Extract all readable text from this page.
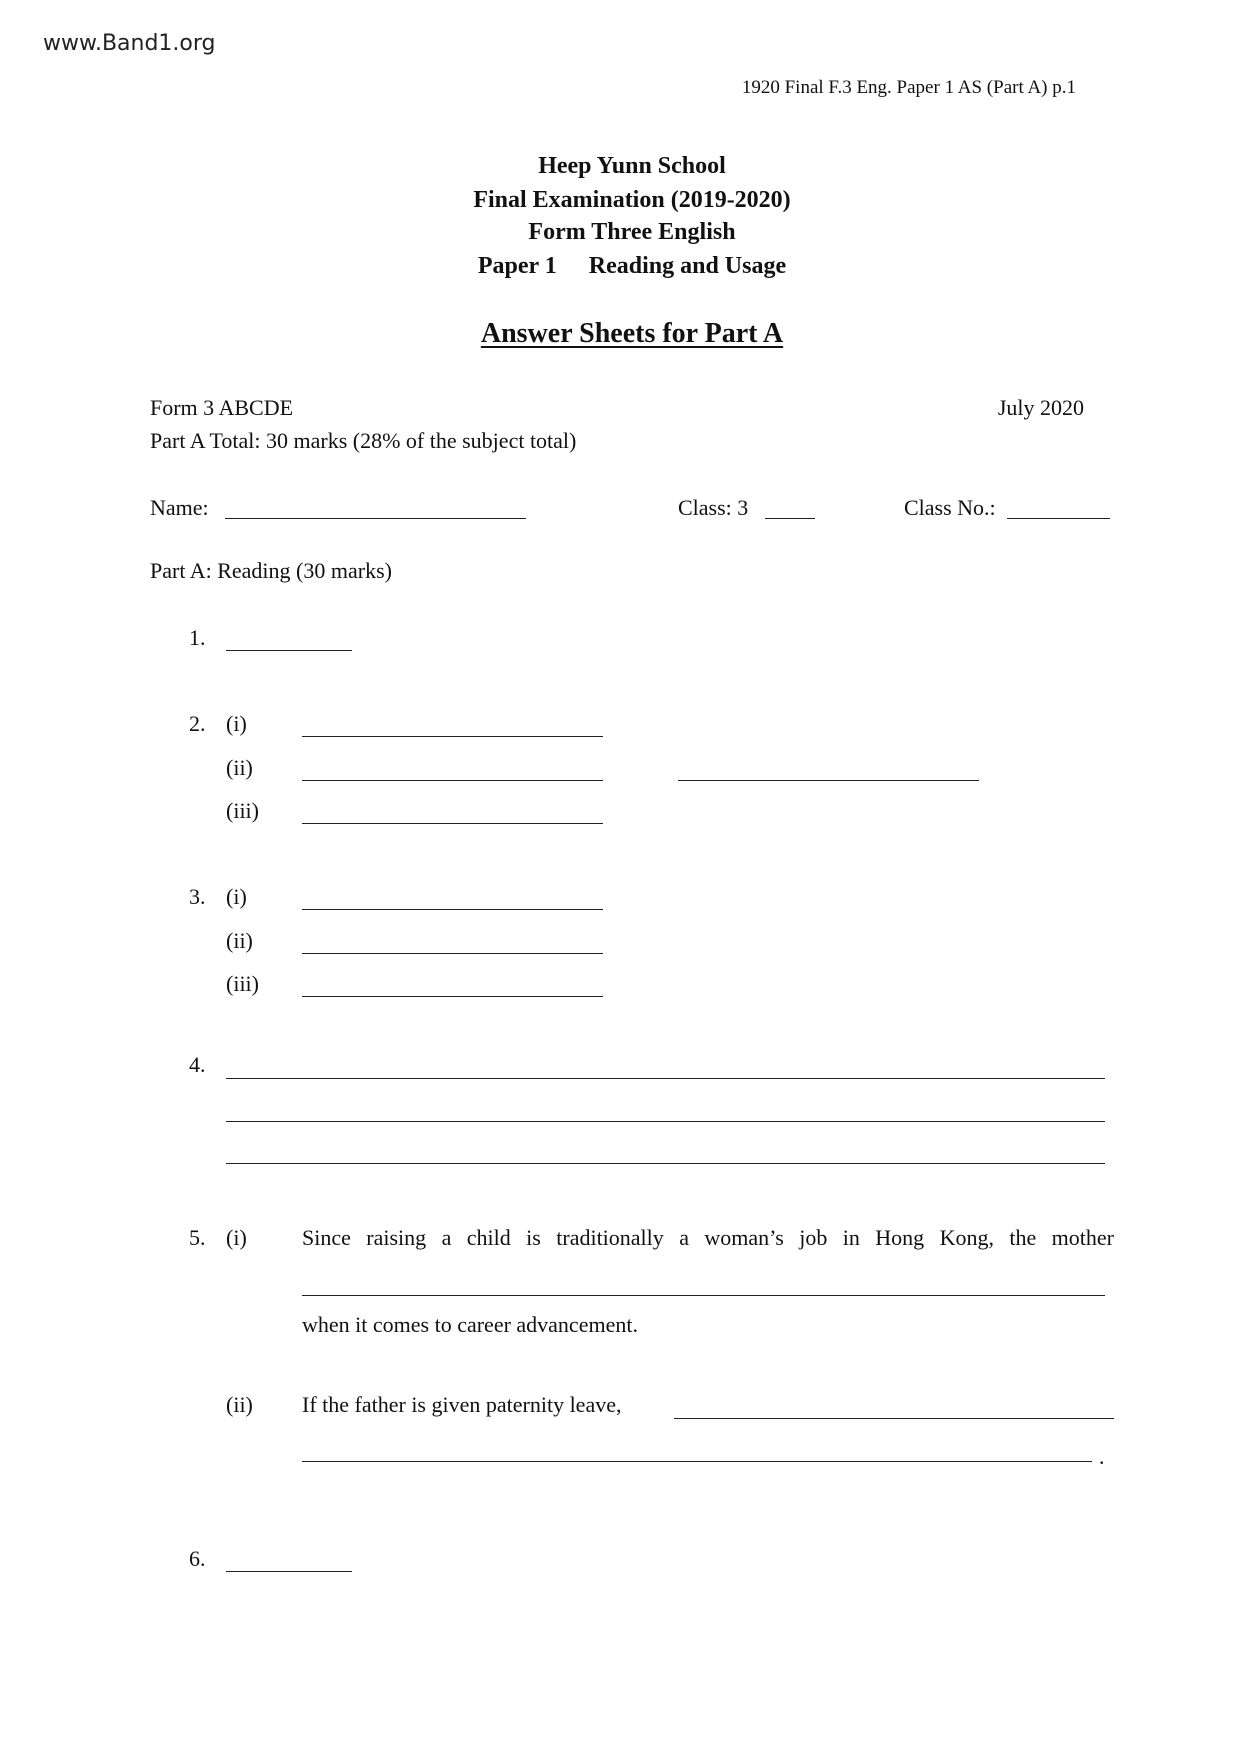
www.Band1.org
1920 Final F.3 Eng. Paper 1 AS (Part A) p.1
Heep Yunn School
Final Examination (2019-2020)
Form Three English
Paper 1 Reading and Usage
Answer Sheets for Part A
Form 3 ABCDE	July 2020
Part A Total: 30 marks (28% of the subject total)
Name:	Class: 3	Class No.:
Part A: Reading (30 marks)
1.
2. (i)
(ii)
(iii)
3. (i)
(ii)
(iii)
4.
5. (i)	Since raising a child is traditionally a woman’s job in Hong Kong, the mother
when it comes to career advancement.
(ii) If the father is given paternity leave,
.
6.
